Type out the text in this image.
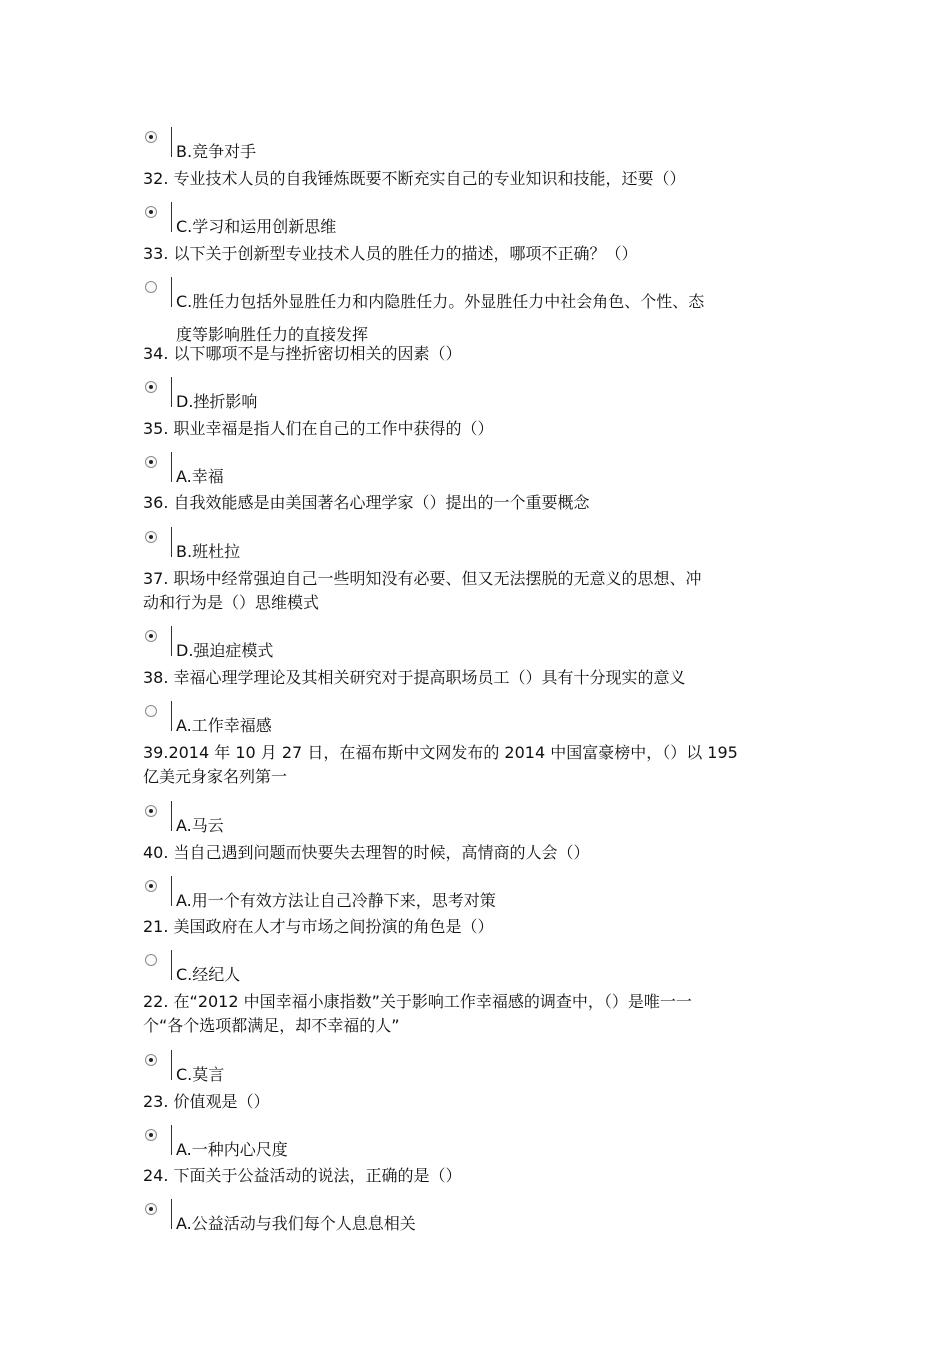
B.竞争对手
32. 专业技术人员的自我锤炼既要不断充实自己的专业知识和技能，还要（）
C.学习和运用创新思维
33. 以下关于创新型专业技术人员的胜任力的描述，哪项不正确？（）
C.胜任力包括外显胜任力和内隐胜任力。外显胜任力中社会角色、个性、态
度等影响胜任力的直接发挥
34. 以下哪项不是与挫折密切相关的因素（）
D.挫折影响
35. 职业幸福是指人们在自己的工作中获得的（）
A.幸福
36. 自我效能感是由美国著名心理学家（）提出的一个重要概念
B.班杜拉
37. 职场中经常强迫自己一些明知没有必要、但又无法摆脱的无意义的思想、冲
动和行为是（）思维模式
D.强迫症模式
38. 幸福心理学理论及其相关研究对于提高职场员工（）具有十分现实的意义
A.工作幸福感
39.2014 年 10 月 27 日，在福布斯中文网发布的 2014 中国富豪榜中，（）以 195
亿美元身家名列第一
A.马云
40. 当自己遇到问题而快要失去理智的时候，高情商的人会（）
A.用一个有效方法让自己冷静下来，思考对策
21. 美国政府在人才与市场之间扮演的角色是（）
C.经纪人
22. 在“2012 中国幸福小康指数”关于影响工作幸福感的调查中，（）是唯一一
个“各个选项都满足，却不幸福的人”
C.莫言
23. 价值观是（）
A.一种内心尺度
24. 下面关于公益活动的说法，正确的是（）
A.公益活动与我们每个人息息相关
